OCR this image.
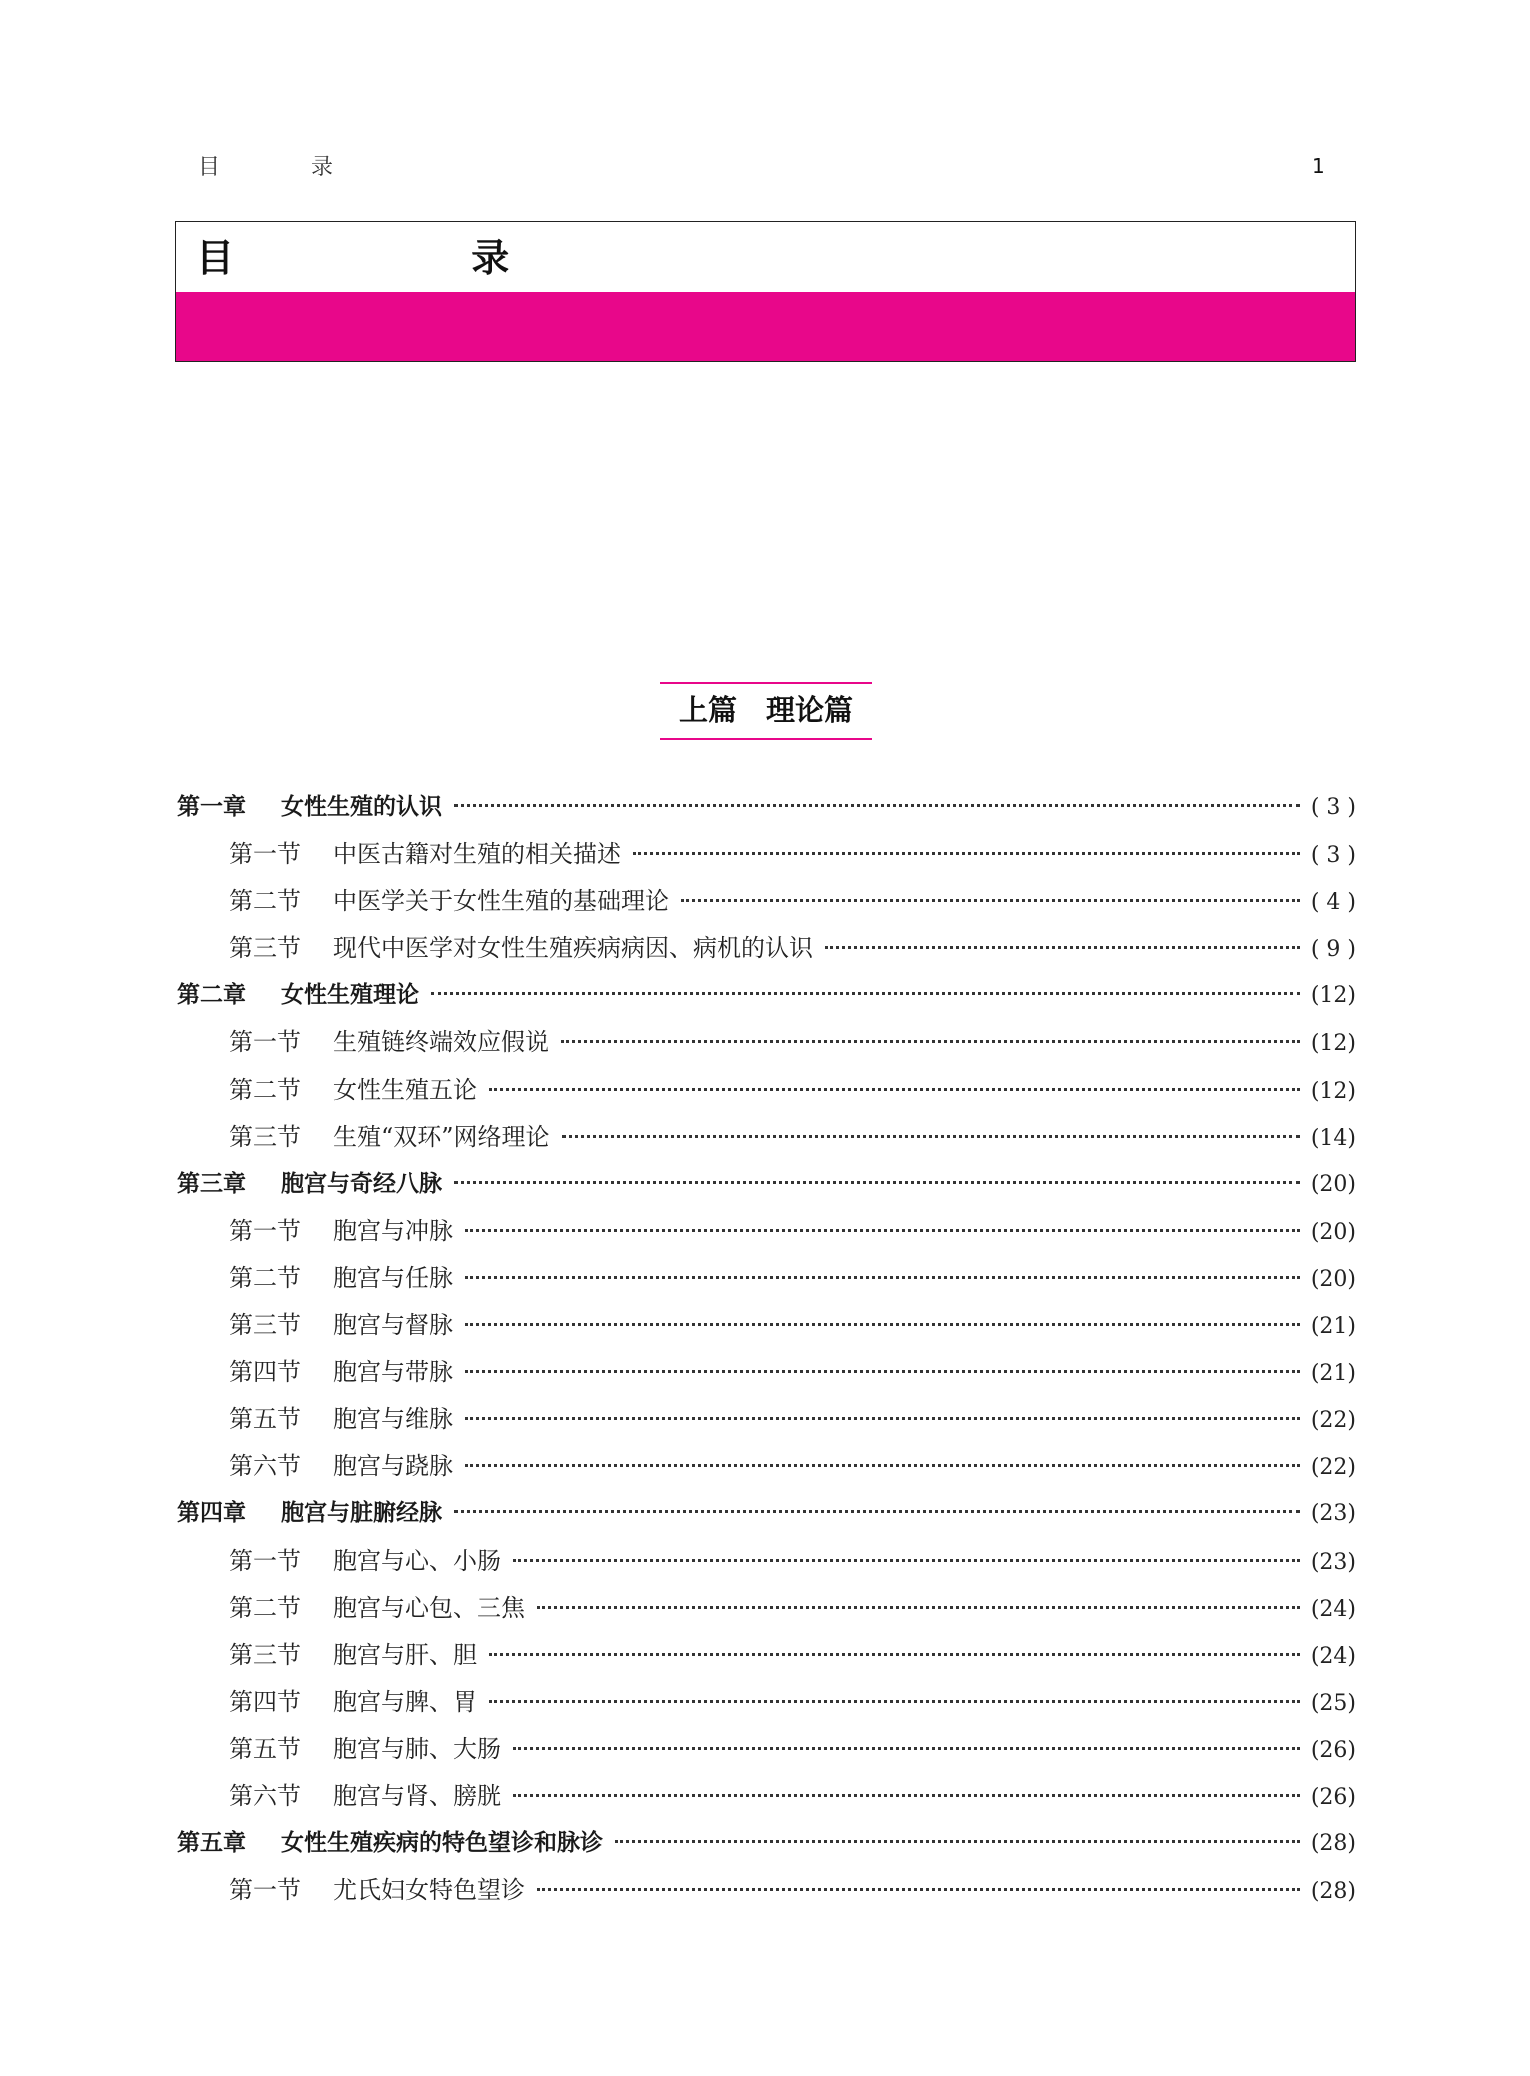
目 录	1
目 录
上篇　理论篇
第一章	女性生殖的认识	( 3 )
第一节	中医古籍对生殖的相关描述	( 3 )
第二节	中医学关于女性生殖的基础理论	( 4 )
第三节	现代中医学对女性生殖疾病病因、病机的认识	( 9 )
第二章	女性生殖理论	(12)
第一节	生殖链终端效应假说	(12)
第二节	女性生殖五论	(12)
第三节	生殖“双环”网络理论	(14)
第三章	胞宫与奇经八脉	(20)
第一节	胞宫与冲脉	(20)
第二节	胞宫与任脉	(20)
第三节	胞宫与督脉	(21)
第四节	胞宫与带脉	(21)
第五节	胞宫与维脉	(22)
第六节	胞宫与跷脉	(22)
第四章	胞宫与脏腑经脉	(23)
第一节	胞宫与心、小肠	(23)
第二节	胞宫与心包、三焦	(24)
第三节	胞宫与肝、胆	(24)
第四节	胞宫与脾、胃	(25)
第五节	胞宫与肺、大肠	(26)
第六节	胞宫与肾、膀胱	(26)
第五章	女性生殖疾病的特色望诊和脉诊	(28)
第一节	尤氏妇女特色望诊	(28)
